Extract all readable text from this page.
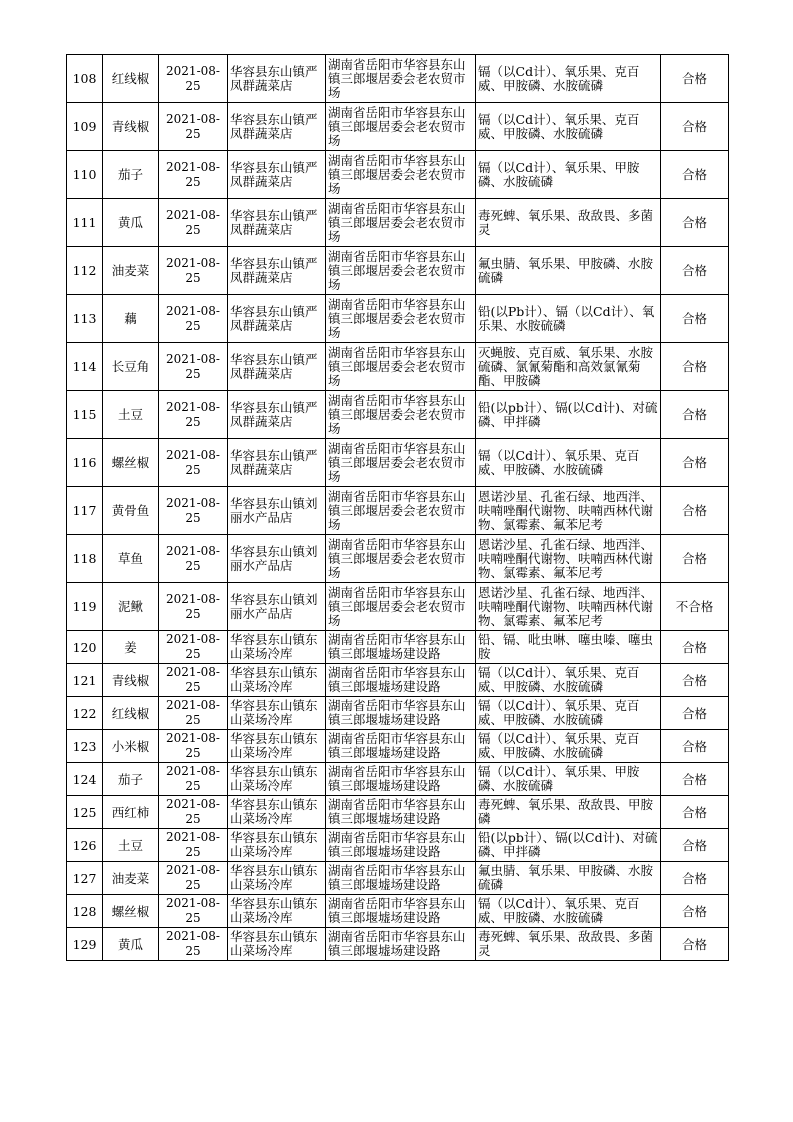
108	红线椒	2021-08-25	华容县东山镇严凤群蔬菜店	湖南省岳阳市华容县东山镇三郎堰居委会老农贸市场	镉（以Cd计）、氧乐果、克百威、甲胺磷、水胺硫磷	合格
109	青线椒	2021-08-25	华容县东山镇严凤群蔬菜店	湖南省岳阳市华容县东山镇三郎堰居委会老农贸市场	镉（以Cd计）、氧乐果、克百威、甲胺磷、水胺硫磷	合格
110	茄子	2021-08-25	华容县东山镇严凤群蔬菜店	湖南省岳阳市华容县东山镇三郎堰居委会老农贸市场	镉（以Cd计）、氧乐果、甲胺磷、水胺硫磷	合格
111	黄瓜	2021-08-25	华容县东山镇严凤群蔬菜店	湖南省岳阳市华容县东山镇三郎堰居委会老农贸市场	毒死蜱、氧乐果、敌敌畏、多菌灵	合格
112	油麦菜	2021-08-25	华容县东山镇严凤群蔬菜店	湖南省岳阳市华容县东山镇三郎堰居委会老农贸市场	氟虫腈、氧乐果、甲胺磷、水胺硫磷	合格
113	藕	2021-08-25	华容县东山镇严凤群蔬菜店	湖南省岳阳市华容县东山镇三郎堰居委会老农贸市场	铅(以Pb计）、镉（以Cd计）、氧乐果、水胺硫磷	合格
114	长豆角	2021-08-25	华容县东山镇严凤群蔬菜店	湖南省岳阳市华容县东山镇三郎堰居委会老农贸市场	灭蝇胺、克百威、氧乐果、水胺硫磷、氯氰菊酯和高效氯氰菊酯、甲胺磷	合格
115	土豆	2021-08-25	华容县东山镇严凤群蔬菜店	湖南省岳阳市华容县东山镇三郎堰居委会老农贸市场	铅(以pb计）、镉(以Cd计)、对硫磷、甲拌磷	合格
116	螺丝椒	2021-08-25	华容县东山镇严凤群蔬菜店	湖南省岳阳市华容县东山镇三郎堰居委会老农贸市场	镉（以Cd计）、氧乐果、克百威、甲胺磷、水胺硫磷	合格
117	黄骨鱼	2021-08-25	华容县东山镇刘丽水产品店	湖南省岳阳市华容县东山镇三郎堰居委会老农贸市场	恩诺沙星、孔雀石绿、地西泮、呋喃唑酮代谢物、呋喃西林代谢物、氯霉素、氟苯尼考	合格
118	草鱼	2021-08-25	华容县东山镇刘丽水产品店	湖南省岳阳市华容县东山镇三郎堰居委会老农贸市场	恩诺沙星、孔雀石绿、地西泮、呋喃唑酮代谢物、呋喃西林代谢物、氯霉素、氟苯尼考	合格
119	泥鳅	2021-08-25	华容县东山镇刘丽水产品店	湖南省岳阳市华容县东山镇三郎堰居委会老农贸市场	恩诺沙星、孔雀石绿、地西泮、呋喃唑酮代谢物、呋喃西林代谢物、氯霉素、氟苯尼考	不合格
120	姜	2021-08-25	华容县东山镇东山菜场冷库	湖南省岳阳市华容县东山镇三郎堰墟场建设路	铅、镉、吡虫啉、噻虫嗪、噻虫胺	合格
121	青线椒	2021-08-25	华容县东山镇东山菜场冷库	湖南省岳阳市华容县东山镇三郎堰墟场建设路	镉（以Cd计）、氧乐果、克百威、甲胺磷、水胺硫磷	合格
122	红线椒	2021-08-25	华容县东山镇东山菜场冷库	湖南省岳阳市华容县东山镇三郎堰墟场建设路	镉（以Cd计）、氧乐果、克百威、甲胺磷、水胺硫磷	合格
123	小米椒	2021-08-25	华容县东山镇东山菜场冷库	湖南省岳阳市华容县东山镇三郎堰墟场建设路	镉（以Cd计）、氧乐果、克百威、甲胺磷、水胺硫磷	合格
124	茄子	2021-08-25	华容县东山镇东山菜场冷库	湖南省岳阳市华容县东山镇三郎堰墟场建设路	镉（以Cd计）、氧乐果、甲胺磷、水胺硫磷	合格
125	西红柿	2021-08-25	华容县东山镇东山菜场冷库	湖南省岳阳市华容县东山镇三郎堰墟场建设路	毒死蜱、氧乐果、敌敌畏、甲胺磷	合格
126	土豆	2021-08-25	华容县东山镇东山菜场冷库	湖南省岳阳市华容县东山镇三郎堰墟场建设路	铅(以pb计）、镉(以Cd计)、对硫磷、甲拌磷	合格
127	油麦菜	2021-08-25	华容县东山镇东山菜场冷库	湖南省岳阳市华容县东山镇三郎堰墟场建设路	氟虫腈、氧乐果、甲胺磷、水胺硫磷	合格
128	螺丝椒	2021-08-25	华容县东山镇东山菜场冷库	湖南省岳阳市华容县东山镇三郎堰墟场建设路	镉（以Cd计）、氧乐果、克百威、甲胺磷、水胺硫磷	合格
129	黄瓜	2021-08-25	华容县东山镇东山菜场冷库	湖南省岳阳市华容县东山镇三郎堰墟场建设路	毒死蜱、氧乐果、敌敌畏、多菌灵	合格
